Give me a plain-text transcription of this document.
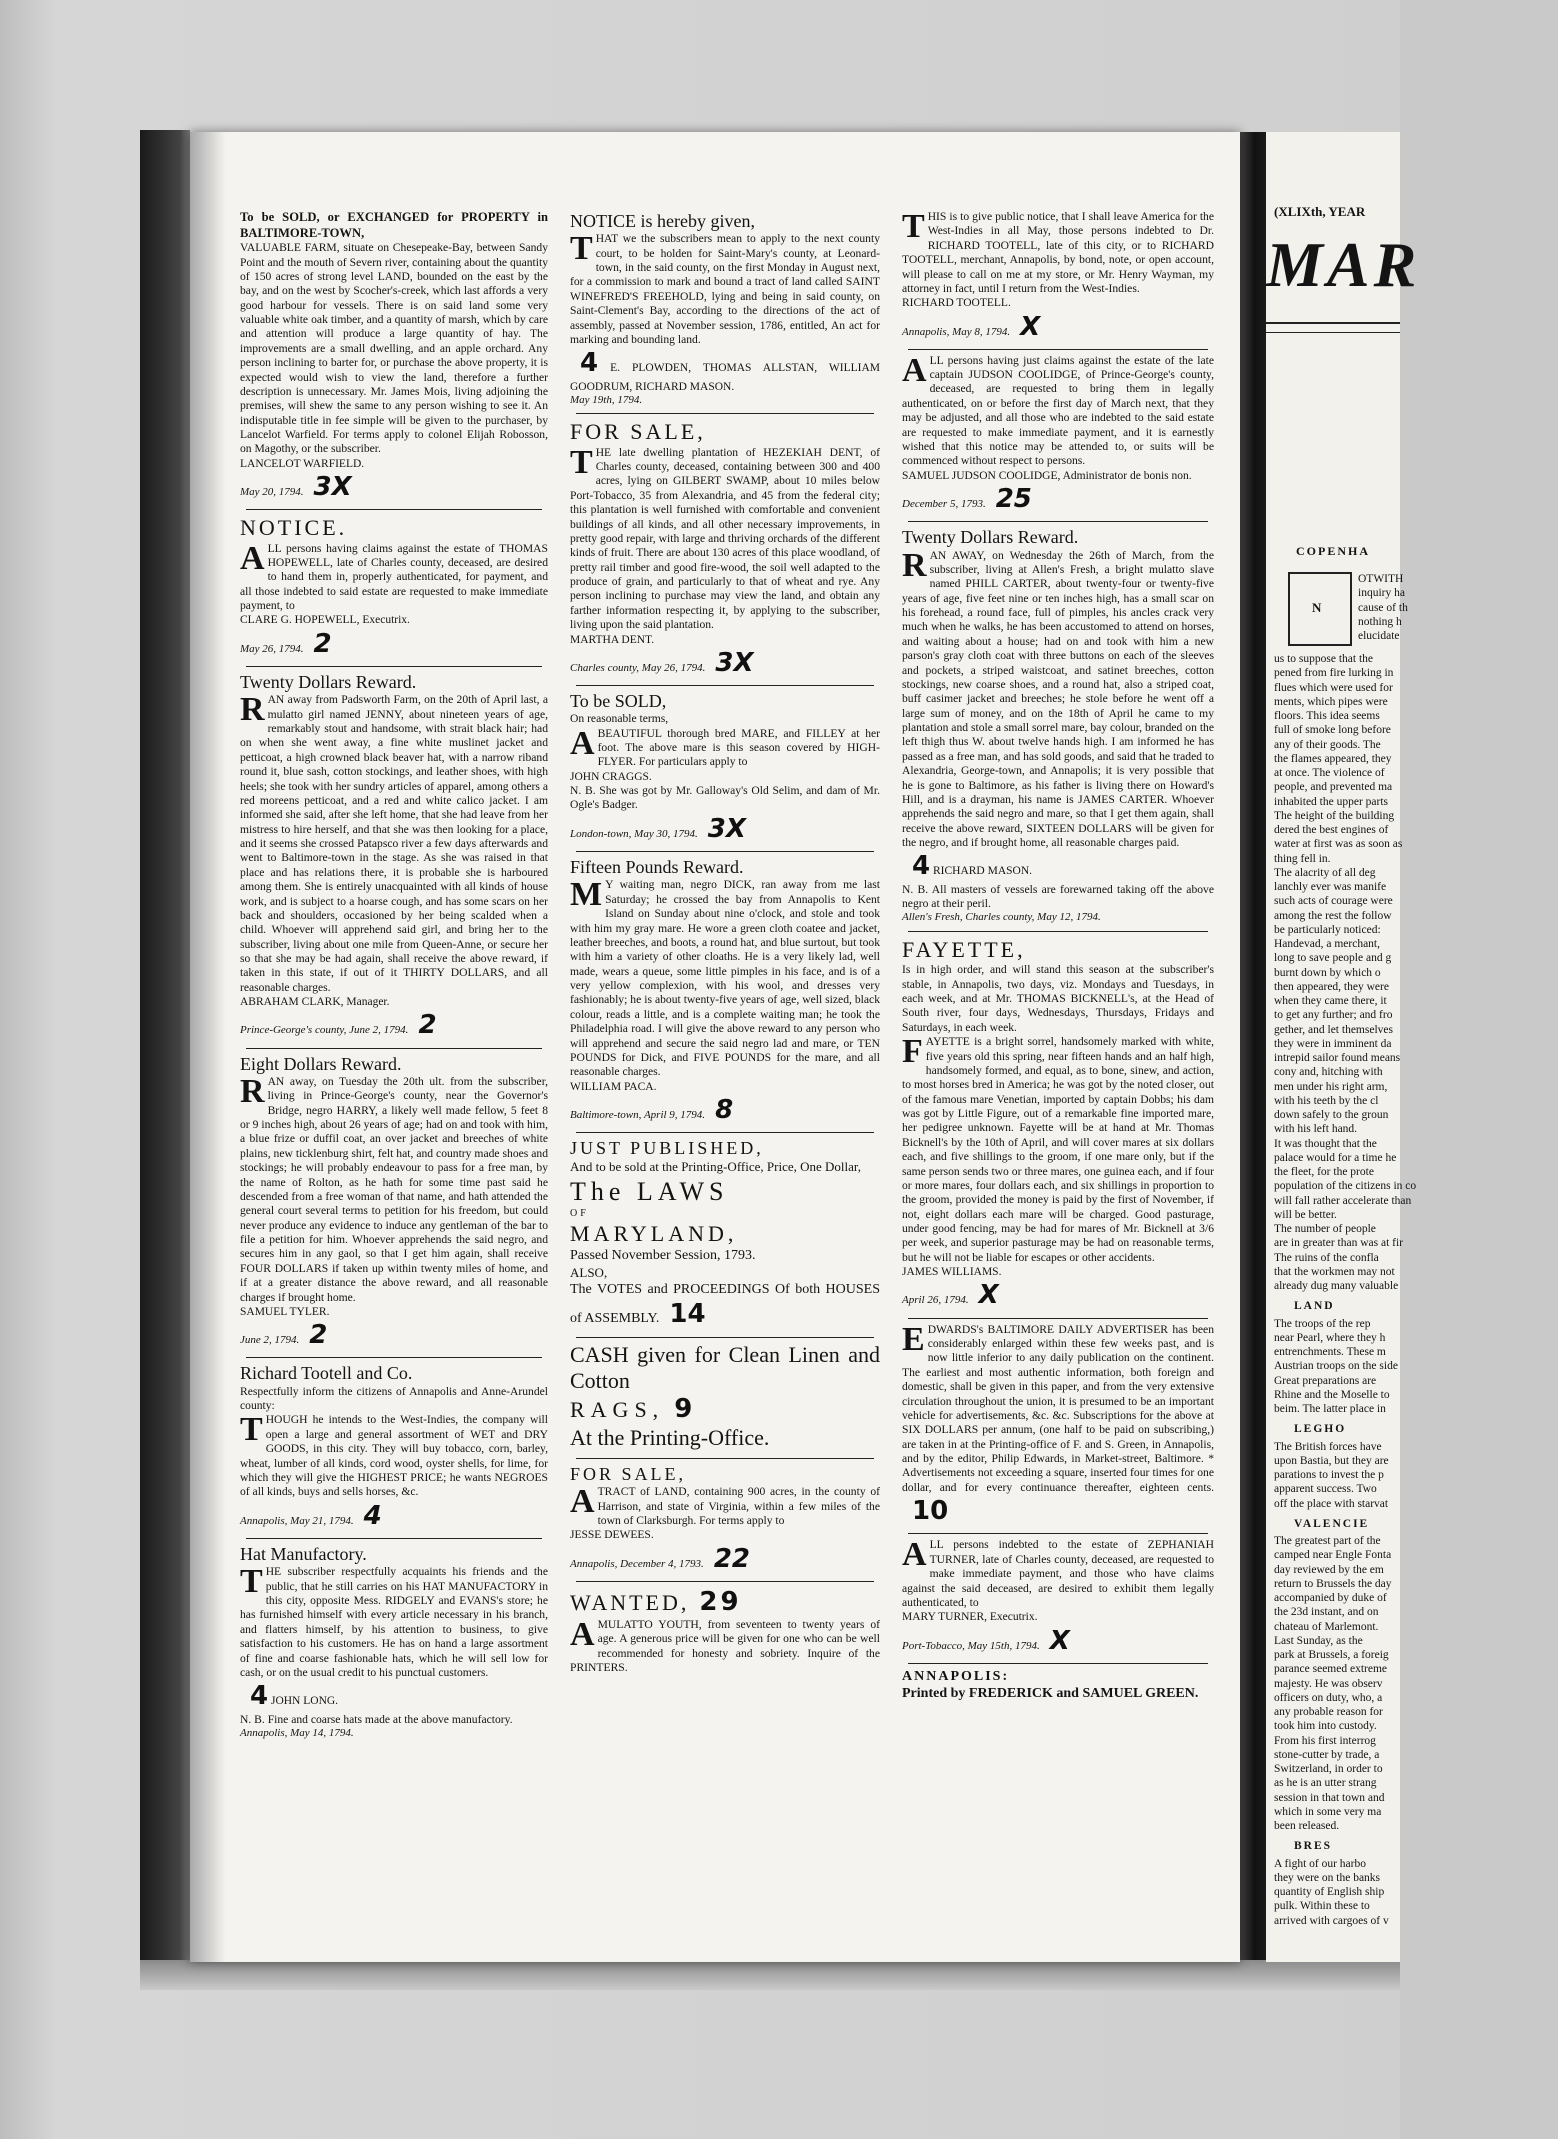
To be SOLD, or EXCHANGED for PROPERTY in BALTIMORE-TOWN,

VALUABLE FARM, situate on Chesepeake-Bay, between Sandy Point and the mouth of Severn river, containing about the quantity of 150 acres of strong level LAND, bounded on the east by the bay, and on the west by Scocher's-creek, which last affords a very good harbour for vessels. There is on said land some very valuable white oak timber, and a quantity of marsh, which by care and attention will produce a large quantity of hay. The improvements are a small dwelling, and an apple orchard. Any person inclining to barter for, or purchase the above property, it is expected would wish to view the land, therefore a further description is unnecessary. Mr. James Mois, living adjoining the premises, will shew the same to any person wishing to see it. An indisputable title in fee simple will be given to the purchaser, by Lancelot Warfield. For terms apply to colonel Elijah Robosson, on Magothy, or the subscriber.

LANCELOT WARFIELD.

May 20, 1794. 3X

NOTICE.

ALL persons having claims against the estate of THOMAS HOPEWELL, late of Charles county, deceased, are desired to hand them in, properly authenticated, for payment, and all those indebted to said estate are requested to make immediate payment, to

CLARE G. HOPEWELL, Executrix.

May 26, 1794. 2

Twenty Dollars Reward.

RAN away from Padsworth Farm, on the 20th of April last, a mulatto girl named JENNY, about nineteen years of age, remarkably stout and handsome, with strait black hair; had on when she went away, a fine white muslinet jacket and petticoat, a high crowned black beaver hat, with a narrow riband round it, blue sash, cotton stockings, and leather shoes, with high heels; she took with her sundry articles of apparel, among others a red moreens petticoat, and a red and white calico jacket. I am informed she said, after she left home, that she had leave from her mistress to hire herself, and that she was then looking for a place, and it seems she crossed Patapsco river a few days afterwards and went to Baltimore-town in the stage. As she was raised in that place and has relations there, it is probable she is harboured among them. She is entirely unacquainted with all kinds of house work, and is subject to a hoarse cough, and has some scars on her back and shoulders, occasioned by her being scalded when a child. Whoever will apprehend said girl, and bring her to the subscriber, living about one mile from Queen-Anne, or secure her so that she may be had again, shall receive the above reward, if taken in this state, if out of it THIRTY DOLLARS, and all reasonable charges.

ABRAHAM CLARK, Manager.

Prince-George's county, June 2, 1794. 2

Eight Dollars Reward.

RAN away, on Tuesday the 20th ult. from the subscriber, living in Prince-George's county, near the Governor's Bridge, negro HARRY, a likely well made fellow, 5 feet 8 or 9 inches high, about 26 years of age; had on and took with him, a blue frize or duffil coat, an over jacket and breeches of white plains, new ticklenburg shirt, felt hat, and country made shoes and stockings; he will probably endeavour to pass for a free man, by the name of Rolton, as he hath for some time past said he descended from a free woman of that name, and hath attended the general court several terms to petition for his freedom, but could never produce any evidence to induce any gentleman of the bar to file a petition for him. Whoever apprehends the said negro, and secures him in any gaol, so that I get him again, shall receive FOUR DOLLARS if taken up within twenty miles of home, and if at a greater distance the above reward, and all reasonable charges if brought home.

SAMUEL TYLER.

June 2, 1794. 2

Richard Tootell and Co.

Respectfully inform the citizens of Annapolis and Anne-Arundel county:

THOUGH he intends to the West-Indies, the company will open a large and general assortment of WET and DRY GOODS, in this city. They will buy tobacco, corn, barley, wheat, lumber of all kinds, cord wood, oyster shells, for lime, for which they will give the HIGHEST PRICE; he wants NEGROES of all kinds, buys and sells horses, &c.

Annapolis, May 21, 1794. 4

Hat Manufactory.

THE subscriber respectfully acquaints his friends and the public, that he still carries on his HAT MANUFACTORY in this city, opposite Mess. RIDGELY and EVANS's store; he has furnished himself with every article necessary in his branch, and flatters himself, by his attention to business, to give satisfaction to his customers. He has on hand a large assortment of fine and coarse fashionable hats, which he will sell low for cash, or on the usual credit to his punctual customers.

4 JOHN LONG.

N. B. Fine and coarse hats made at the above manufactory.

Annapolis, May 14, 1794.

NOTICE is hereby given,

THAT we the subscribers mean to apply to the next county court, to be holden for Saint-Mary's county, at Leonard-town, in the said county, on the first Monday in August next, for a commission to mark and bound a tract of land called SAINT WINEFRED'S FREEHOLD, lying and being in said county, on Saint-Clement's Bay, according to the directions of the act of assembly, passed at November session, 1786, entitled, An act for marking and bounding land.

4 E. PLOWDEN, THOMAS ALLSTAN, WILLIAM GOODRUM, RICHARD MASON.

May 19th, 1794.

FOR SALE,

THE late dwelling plantation of HEZEKIAH DENT, of Charles county, deceased, containing between 300 and 400 acres, lying on GILBERT SWAMP, about 10 miles below Port-Tobacco, 35 from Alexandria, and 45 from the federal city; this plantation is well furnished with comfortable and convenient buildings of all kinds, and all other necessary improvements, in pretty good repair, with large and thriving orchards of the different kinds of fruit. There are about 130 acres of this place woodland, of pretty rail timber and good fire-wood, the soil well adapted to the produce of grain, and particularly to that of wheat and rye. Any person inclining to purchase may view the land, and obtain any farther information respecting it, by applying to the subscriber, living upon the said plantation.

MARTHA DENT.

Charles county, May 26, 1794. 3X

To be SOLD,

On reasonable terms,

ABEAUTIFUL thorough bred MARE, and FILLEY at her foot. The above mare is this season covered by HIGH-FLYER. For particulars apply to

JOHN CRAGGS.

N. B. She was got by Mr. Galloway's Old Selim, and dam of Mr. Ogle's Badger.

London-town, May 30, 1794. 3X

Fifteen Pounds Reward.

M Y waiting man, negro DICK, ran away from me last Saturday; he crossed the bay from Annapolis to Kent Island on Sunday about nine o'clock, and stole and took with him my gray mare. He wore a green cloth coatee and jacket, leather breeches, and boots, a round hat, and blue surtout, but took with him a variety of other cloaths. He is a very likely lad, well made, wears a queue, some little pimples in his face, and is of a very yellow complexion, with his wool, and dresses very fashionably; he is about twenty-five years of age, well sized, black colour, reads a little, and is a complete waiting man; he took the Philadelphia road. I will give the above reward to any person who will apprehend and secure the said negro lad and mare, or TEN POUNDS for Dick, and FIVE POUNDS for the mare, and all reasonable charges.

WILLIAM PACA.

Baltimore-town, April 9, 1794. 8

JUST PUBLISHED,

And to be sold at the Printing-Office, Price, One Dollar,

The LAWS

OF

MARYLAND,

Passed November Session, 1793.

ALSO,

The VOTES and PROCEEDINGS Of both HOUSES of ASSEMBLY. 14

CASH given for Clean Linen and Cotton

RAGS, 9

At the Printing-Office.

FOR SALE,

ATRACT of LAND, containing 900 acres, in the county of Harrison, and state of Virginia, within a few miles of the town of Clarksburgh. For terms apply to

JESSE DEWEES.

Annapolis, December 4, 1793. 22

WANTED, 29

AMULATTO YOUTH, from seventeen to twenty years of age. A generous price will be given for one who can be well recommended for honesty and sobriety. Inquire of the PRINTERS.

THIS is to give public notice, that I shall leave America for the West-Indies in all May, those persons indebted to Dr. RICHARD TOOTELL, late of this city, or to RICHARD TOOTELL, merchant, Annapolis, by bond, note, or open account, will please to call on me at my store, or Mr. Henry Wayman, my attorney in fact, until I return from the West-Indies.

RICHARD TOOTELL.

Annapolis, May 8, 1794. X

ALL persons having just claims against the estate of the late captain JUDSON COOLIDGE, of Prince-George's county, deceased, are requested to bring them in legally authenticated, on or before the first day of March next, that they may be adjusted, and all those who are indebted to the said estate are requested to make immediate payment, and it is earnestly wished that this notice may be attended to, or suits will be commenced without respect to persons.

SAMUEL JUDSON COOLIDGE, Administrator de bonis non.

December 5, 1793. 25

Twenty Dollars Reward.

RAN AWAY, on Wednesday the 26th of March, from the subscriber, living at Allen's Fresh, a bright mulatto slave named PHILL CARTER, about twenty-four or twenty-five years of age, five feet nine or ten inches high, has a small scar on his forehead, a round face, full of pimples, his ancles crack very much when he walks, he has been accustomed to attend on horses, and waiting about a house; had on and took with him a new parson's gray cloth coat with three buttons on each of the sleeves and pockets, a striped waistcoat, and satinet breeches, cotton stockings, new coarse shoes, and a round hat, also a striped coat, buff casimer jacket and breeches; he stole before he went off a large sum of money, and on the 18th of April he came to my plantation and stole a small sorrel mare, bay colour, branded on the left thigh thus W. about twelve hands high. I am informed he has passed as a free man, and has sold goods, and said that he traded to Alexandria, George-town, and Annapolis; it is very possible that he is gone to Baltimore, as his father is living there on Howard's Hill, and is a drayman, his name is JAMES CARTER. Whoever apprehends the said negro and mare, so that I get them again, shall receive the above reward, SIXTEEN DOLLARS will be given for the negro, and if brought home, all reasonable charges paid.

4 RICHARD MASON.

N. B. All masters of vessels are forewarned taking off the above negro at their peril.

Allen's Fresh, Charles county, May 12, 1794.

FAYETTE,

Is in high order, and will stand this season at the subscriber's stable, in Annapolis, two days, viz. Mondays and Tuesdays, in each week, and at Mr. THOMAS BICKNELL's, at the Head of South river, four days, Wednesdays, Thursdays, Fridays and Saturdays, in each week.

FAYETTE is a bright sorrel, handsomely marked with white, five years old this spring, near fifteen hands and an half high, handsomely formed, and equal, as to bone, sinew, and action, to most horses bred in America; he was got by the noted closer, out of the famous mare Venetian, imported by captain Dobbs; his dam was got by Little Figure, out of a remarkable fine imported mare, her pedigree unknown. Fayette will be at hand at Mr. Thomas Bicknell's by the 10th of April, and will cover mares at six dollars each, and five shillings to the groom, if one mare only, but if the same person sends two or three mares, one guinea each, and if four or more mares, four dollars each, and six shillings in proportion to the groom, provided the money is paid by the first of November, if not, eight dollars each mare will be charged. Good pasturage, under good fencing, may be had for mares of Mr. Bicknell at 3/6 per week, and superior pasturage may be had on reasonable terms, but he will not be liable for escapes or other accidents.

JAMES WILLIAMS.

April 26, 1794. X

EDWARDS's BALTIMORE DAILY ADVERTISER has been considerably enlarged within these few weeks past, and is now little inferior to any daily publication on the continent. The earliest and most authentic information, both foreign and domestic, shall be given in this paper, and from the very extensive circulation throughout the union, it is presumed to be an important vehicle for advertisements, &c. &c. Subscriptions for the above at SIX DOLLARS per annum, (one half to be paid on subscribing,) are taken in at the Printing-office of F. and S. Green, in Annapolis, and by the editor, Philip Edwards, in Market-street, Baltimore. * Advertisements not exceeding a square, inserted four times for one dollar, and for every continuance thereafter, eighteen cents.10

ALL persons indebted to the estate of ZEPHANIAH TURNER, late of Charles county, deceased, are requested to make immediate payment, and those who have claims against the said deceased, are desired to exhibit them legally authenticated, to

MARY TURNER, Executrix.

Port-Tobacco, May 15th, 1794. X

ANNAPOLIS:

Printed by FREDERICK and SAMUEL GREEN.

(XLIXth, YEAR
MAR
COPENHA
N
OTWITH
inquiry ha
cause of th
nothing h
elucidate
us to suppose that the
pened from fire lurking in
flues which were used for
ments, which pipes were
floors. This idea seems
full of smoke long before
any of their goods. The
the flames appeared, they
at once. The violence of
people, and prevented ma
inhabited the upper parts
The height of the building
dered the best engines of
water at first was as soon as
thing fell in.
The alacrity of all deg
lanchly ever was manife
such acts of courage were
among the rest the follow
be particularly noticed:
Handevad, a merchant,
long to save people and g
burnt down by which o
then appeared, they were
when they came there, it
to get any further; and fro
gether, and let themselves
they were in imminent da
intrepid sailor found means
cony and, hitching with
men under his right arm,
with his teeth by the cl
down safely to the groun
with his left hand.
It was thought that the
palace would for a time he
the fleet, for the prote
population of the citizens in co
will fall rather accelerate than
will be better.
The number of people
are in greater than was at fir
The ruins of the confla
that the workmen may not
already dug many valuable
LAND
The troops of the rep
near Pearl, where they h
entrenchments. These m
Austrian troops on the side
Great preparations are
Rhine and the Moselle to
beim. The latter place in
LEGHO
The British forces have
upon Bastia, but they are
parations to invest the p
apparent success. Two
off the place with starvat
VALENCIE
The greatest part of the
camped near Engle Fonta
day reviewed by the em
return to Brussels the day
accompanied by duke of
the 23d instant, and on
chateau of Marlemont.
Last Sunday, as the
park at Brussels, a foreig
parance seemed extreme
majesty. He was observ
officers on duty, who, a
any probable reason for
took him into custody.
From his first interrog
stone-cutter by trade, a
Switzerland, in order to
as he is an utter strang
session in that town and
which in some very ma
been released.
BRES
A fight of our harbo
they were on the banks
quantity of English ship
pulk. Within these to
arrived with cargoes of v
